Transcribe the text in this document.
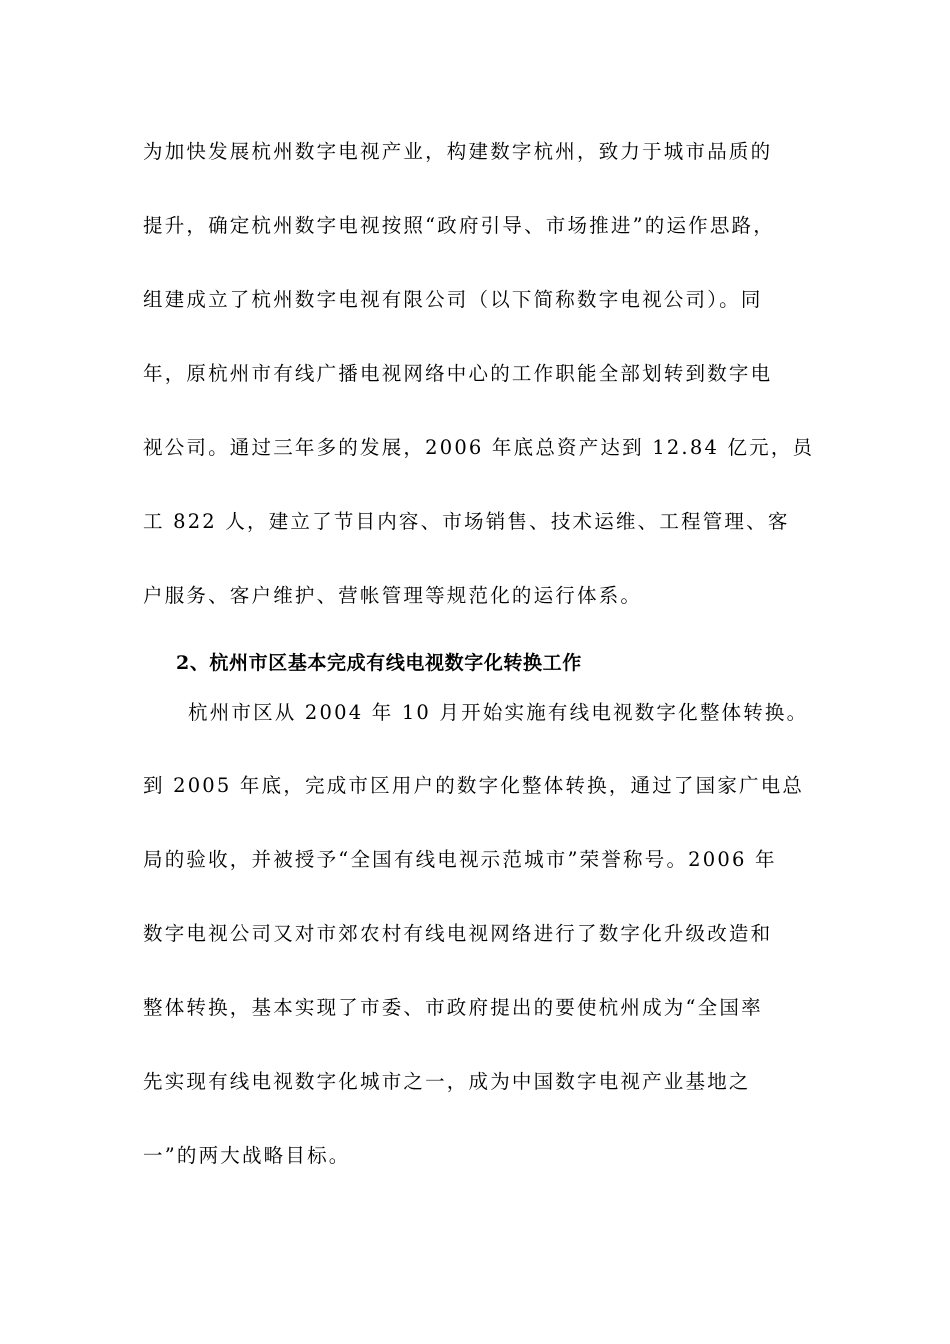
为加快发展杭州数字电视产业，构建数字杭州，致力于城市品质的
提升，确定杭州数字电视按照“政府引导、市场推进”的运作思路，
组建成立了杭州数字电视有限公司（以下简称数字电视公司）。同
年，原杭州市有线广播电视网络中心的工作职能全部划转到数字电
视公司。通过三年多的发展，2006 年底总资产达到 12.84 亿元，员
工 822 人，建立了节目内容、市场销售、技术运维、工程管理、客
户服务、客户维护、营帐管理等规范化的运行体系。
2、杭州市区基本完成有线电视数字化转换工作
杭州市区从 2004 年 10 月开始实施有线电视数字化整体转换。
到 2005 年底，完成市区用户的数字化整体转换，通过了国家广电总
局的验收，并被授予“全国有线电视示范城市”荣誉称号。2006 年
数字电视公司又对市郊农村有线电视网络进行了数字化升级改造和
整体转换，基本实现了市委、市政府提出的要使杭州成为“全国率
先实现有线电视数字化城市之一，成为中国数字电视产业基地之
一”的两大战略目标。
